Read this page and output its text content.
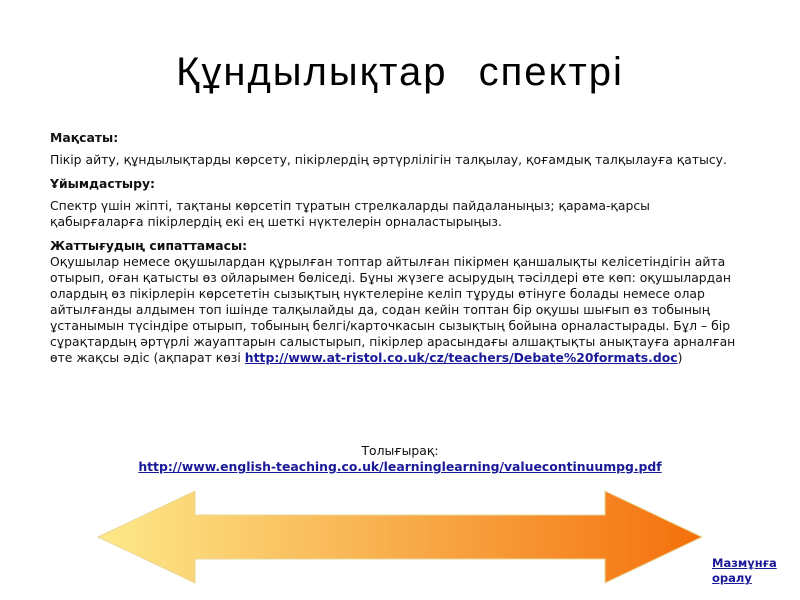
Құндылықтар спектрі

Мақсаты:

Пікір айту, құндылықтарды көрсету, пікірлердің әртүрлілігін талқылау, қоғамдық талқылауға қатысу.

Ұйымдастыру:

Спектр үшін жіпті, тақтаны көрсетіп тұратын стрелкаларды пайдаланыңыз; қарама-қарсы қабырғаларға пікірлердің екі ең шеткі нүктелерін орналастырыңыз.

Жаттығудың сипаттамасы:

Оқушылар немесе оқушылардан құрылған топтар айтылған пікірмен қаншалықты келісетіндігін айта отырып, оған қатысты өз ойларымен бөліседі. Бұны жүзеге асырудың тәсілдері өте көп: оқушылардан олардың өз пікірлерін көрсететін сызықтың нүктелеріне келіп тұруды өтінуге болады немесе олар айтылғанды алдымен топ ішінде талқылайды да, содан кейін топтан бір оқушы шығып өз тобының ұстанымын түсіндіре отырып, тобының белгі/карточкасын сызықтың бойына орналастырады. Бұл – бір сұрақтардың әртүрлі жауаптарын салыстырып, пікірлер арасындағы алшақтықты анықтауға арналған өте жақсы әдіс (ақпарат көзі http://www.at-ristol.co.uk/cz/teachers/Debate%20formats.doc)

Толығырақ:
http://www.english-teaching.co.uk/learninglearning/valuecontinuumpg.pdf
Мазмұнға оралу
